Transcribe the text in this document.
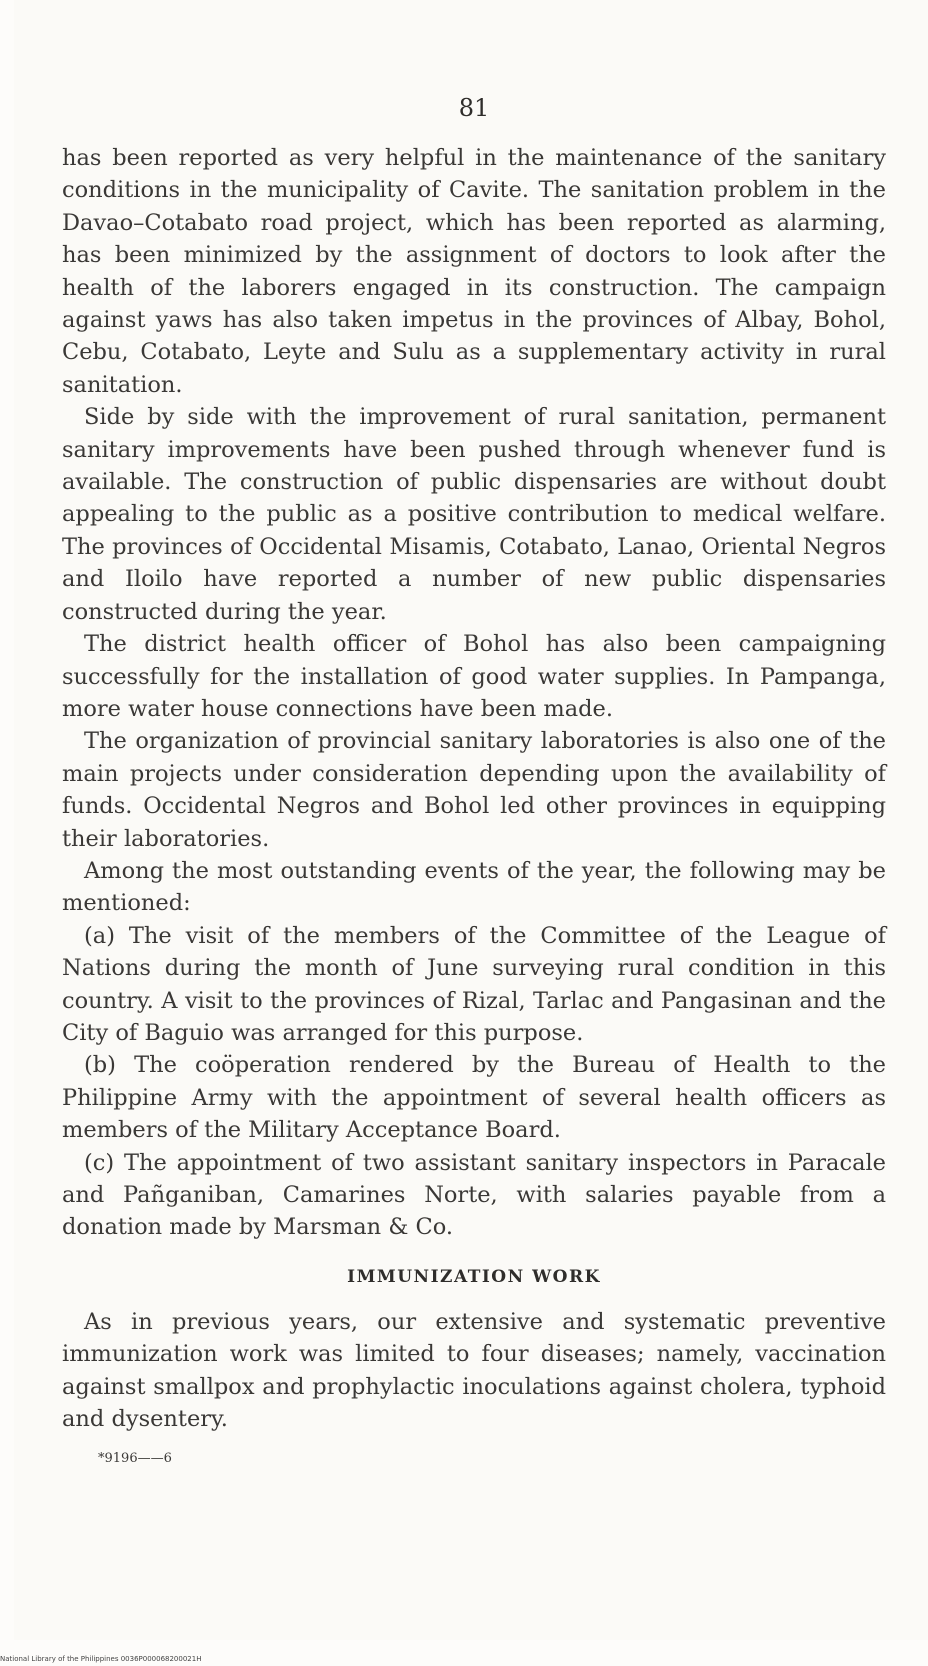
81

has been reported as very helpful in the maintenance of the sanitary conditions in the municipality of Cavite. The sanitation problem in the Davao–Cotabato road project, which has been reported as alarming, has been minimized by the assignment of doctors to look after the health of the laborers engaged in its construction. The campaign against yaws has also taken impetus in the provinces of Albay, Bohol, Cebu, Cotabato, Leyte and Sulu as a supplementary activity in rural sanitation.

Side by side with the improvement of rural sanitation, permanent sanitary improvements have been pushed through whenever fund is available. The construction of public dispensaries are without doubt appealing to the public as a positive contribution to medical welfare. The provinces of Occidental Misamis, Cotabato, Lanao, Oriental Negros and Iloilo have reported a number of new public dispensaries constructed during the year.

The district health officer of Bohol has also been campaigning successfully for the installation of good water supplies. In Pampanga, more water house connections have been made.

The organization of provincial sanitary laboratories is also one of the main projects under consideration depending upon the availability of funds. Occidental Negros and Bohol led other provinces in equipping their laboratories.

Among the most outstanding events of the year, the following may be mentioned:

(a) The visit of the members of the Committee of the League of Nations during the month of June surveying rural condition in this country. A visit to the provinces of Rizal, Tarlac and Pangasinan and the City of Baguio was arranged for this purpose.

(b) The coöperation rendered by the Bureau of Health to the Philippine Army with the appointment of several health officers as members of the Military Acceptance Board.

(c) The appointment of two assistant sanitary inspectors in Paracale and Pañganiban, Camarines Norte, with salaries payable from a donation made by Marsman & Co.

IMMUNIZATION WORK

As in previous years, our extensive and systematic preventive immunization work was limited to four diseases; namely, vaccination against smallpox and prophylactic inoculations against cholera, typhoid and dysentery.

*9196——6
National Library of the Philippines 0036P000068200021H
